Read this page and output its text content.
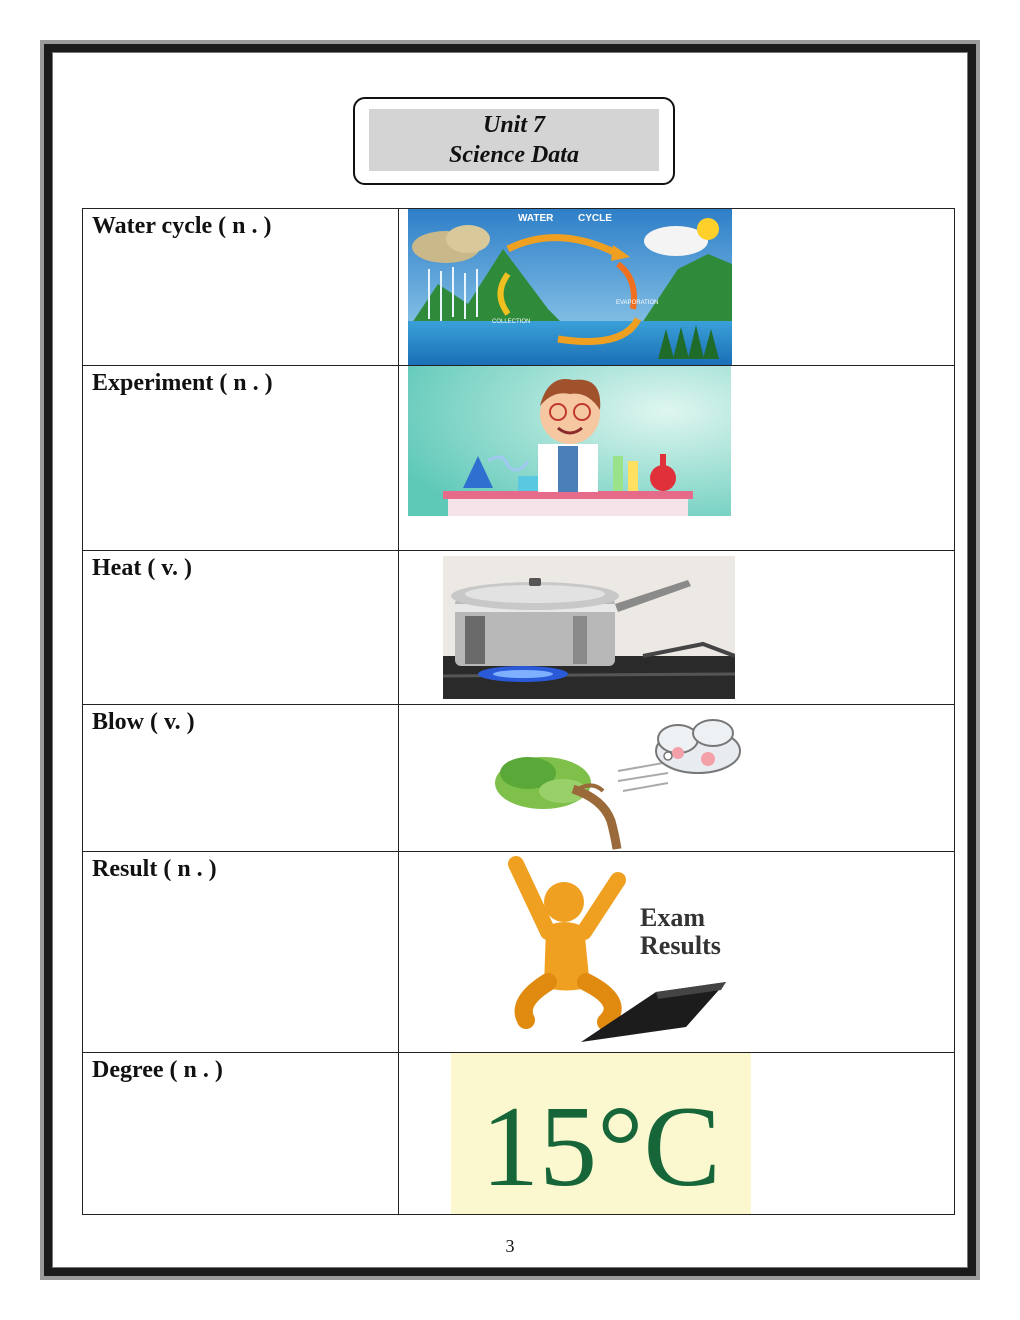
Unit 7
Science Data
Water cycle ( n . )	WATER CYCLE
EVAPORATION
COLLECTION

Experiment ( n . )	

Heat ( v. )	

Blow ( v. )	

Result ( n . )	Exam
Results

Degree ( n . )	15°C
3
